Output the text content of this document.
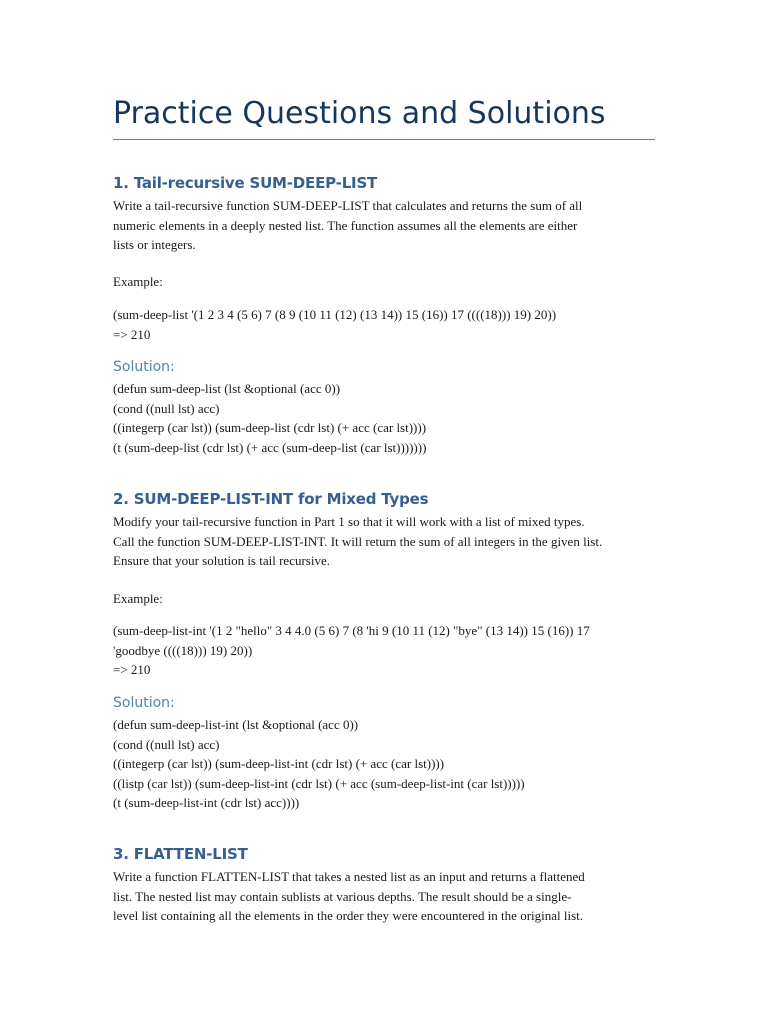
Practice Questions and Solutions
1. Tail-recursive SUM-DEEP-LIST

Write a tail-recursive function SUM-DEEP-LIST that calculates and returns the sum of all
numeric elements in a deeply nested list. The function assumes all the elements are either
lists or integers.

Example:

(sum-deep-list '(1 2 3 4 (5 6) 7 (8 9 (10 11 (12) (13 14)) 15 (16)) 17 ((((18))) 19) 20))
=> 210

Solution:
(defun sum-deep-list (lst &optional (acc 0))
(cond ((null lst) acc)
((integerp (car lst)) (sum-deep-list (cdr lst) (+ acc (car lst))))
(t (sum-deep-list (cdr lst) (+ acc (sum-deep-list (car lst)))))))
2. SUM-DEEP-LIST-INT for Mixed Types

Modify your tail-recursive function in Part 1 so that it will work with a list of mixed types.
Call the function SUM-DEEP-LIST-INT. It will return the sum of all integers in the given list.
Ensure that your solution is tail recursive.

Example:

(sum-deep-list-int '(1 2 "hello" 3 4 4.0 (5 6) 7 (8 'hi 9 (10 11 (12) "bye" (13 14)) 15 (16)) 17
'goodbye ((((18))) 19) 20))
=> 210

Solution:
(defun sum-deep-list-int (lst &optional (acc 0))
(cond ((null lst) acc)
((integerp (car lst)) (sum-deep-list-int (cdr lst) (+ acc (car lst))))
((listp (car lst)) (sum-deep-list-int (cdr lst) (+ acc (sum-deep-list-int (car lst)))))
(t (sum-deep-list-int (cdr lst) acc))))
3. FLATTEN-LIST

Write a function FLATTEN-LIST that takes a nested list as an input and returns a flattened
list. The nested list may contain sublists at various depths. The result should be a single-
level list containing all the elements in the order they were encountered in the original list.
